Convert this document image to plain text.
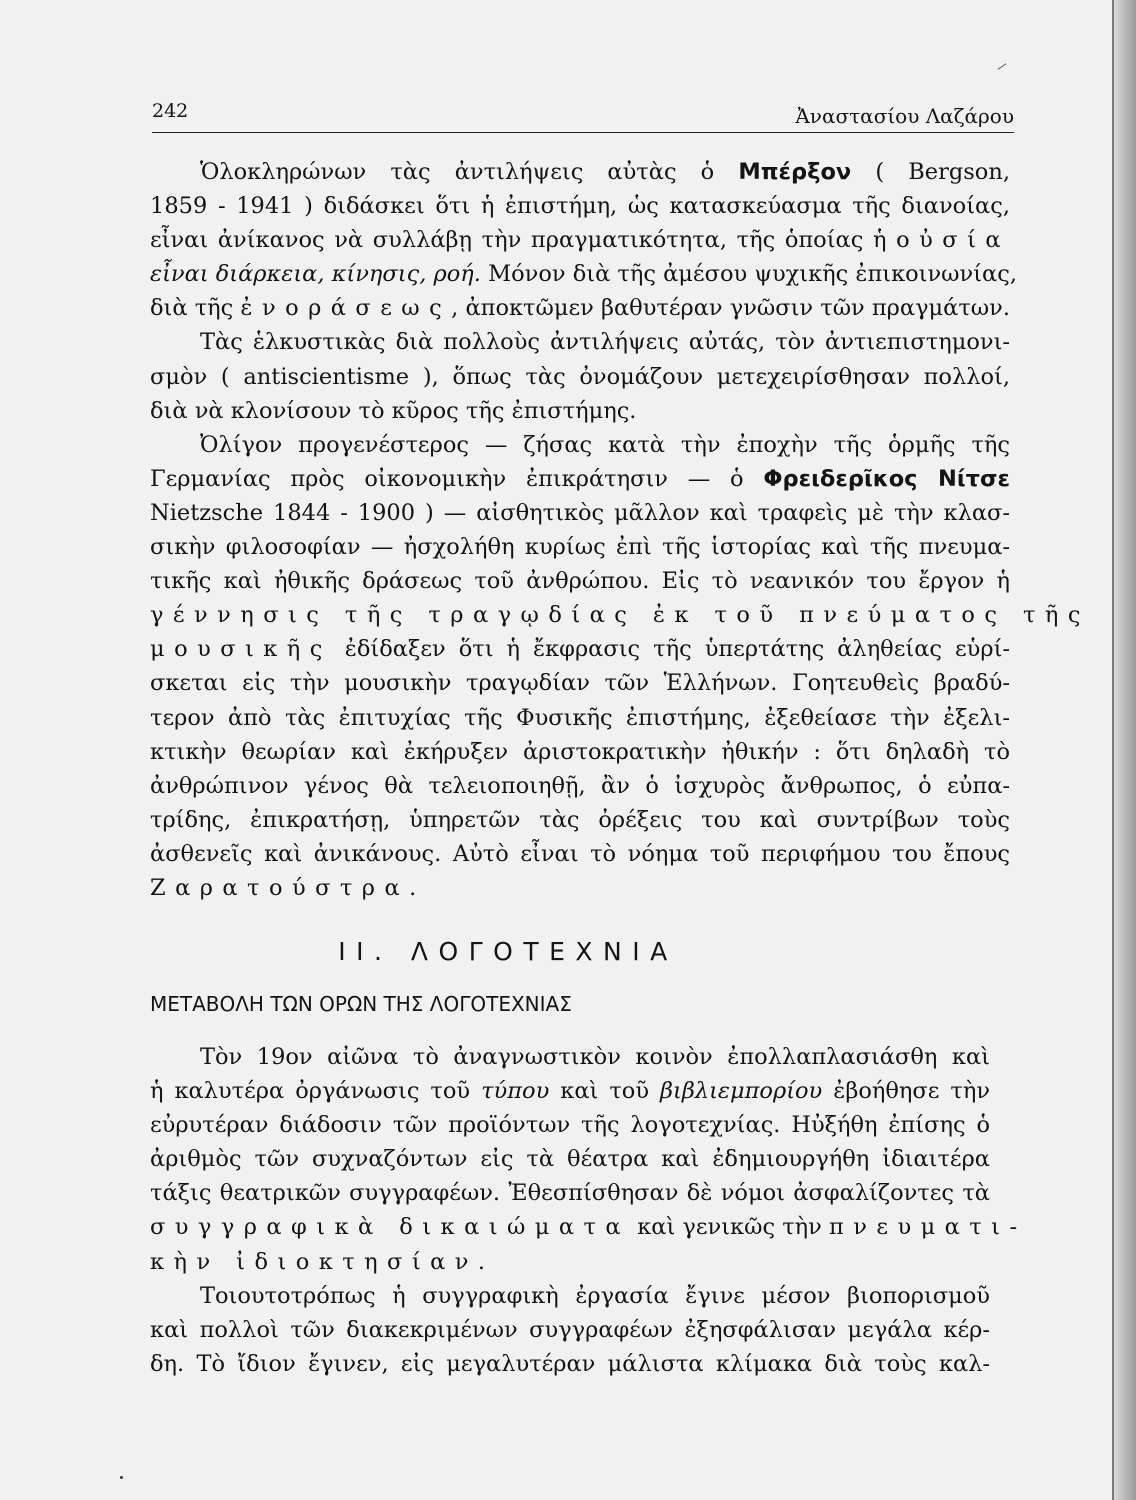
242	Ἀναστασίου Λαζάρου
Ὁλοκληρώνων τὰς ἀντιλήψεις αὐτὰς ὁ Μπέρξον ( Bergson,
1859 - 1941 ) διδάσκει ὅτι ἡ ἐπιστήμη, ὡς κατασκεύασμα τῆς διανοίας,
εἶναι ἀνίκανος νὰ συλλάβῃ τὴν πραγματικότητα, τῆς ὁποίας ἡ οὐσία
εἶναι διάρκεια, κίνησις, ροή. Μόνον διὰ τῆς ἀμέσου ψυχικῆς ἐπικοινωνίας,
διὰ τῆς ἐνοράσεως, ἀποκτῶμεν βαθυτέραν γνῶσιν τῶν πραγμάτων.
Τὰς ἑλκυστικὰς διὰ πολλοὺς ἀντιλήψεις αὐτάς, τὸν ἀντιεπιστημονι-
σμὸν ( antiscientisme ), ὅπως τὰς ὀνομάζουν μετεχειρίσθησαν πολλοί,
διὰ νὰ κλονίσουν τὸ κῦρος τῆς ἐπιστήμης.
Ὀλίγον προγενέστερος — ζήσας κατὰ τὴν ἐποχὴν τῆς ὁρμῆς τῆς
Γερμανίας πρὸς οἰκονομικὴν ἐπικράτησιν — ὁ Φρειδερῖκος Νίτσε
Nietzsche 1844 - 1900 ) — αἰσθητικὸς μᾶλλον καὶ τραφεὶς μὲ τὴν κλασ-
σικὴν φιλοσοφίαν — ἠσχολήθη κυρίως ἐπὶ τῆς ἱστορίας καὶ τῆς πνευμα-
τικῆς καὶ ἠθικῆς δράσεως τοῦ ἀνθρώπου. Εἰς τὸ νεανικόν του ἔργον ἡ
γέννησις τῆς τραγῳδίας ἐκ τοῦ πνεύματος τῆς
μουσικῆς ἐδίδαξεν ὅτι ἡ ἔκφρασις τῆς ὑπερτάτης ἀληθείας εὑρί-
σκεται εἰς τὴν μουσικὴν τραγῳδίαν τῶν Ἑλλήνων. Γοητευθεὶς βραδύ-
τερον ἀπὸ τὰς ἐπιτυχίας τῆς Φυσικῆς ἐπιστήμης, ἐξεθείασε τὴν ἐξελι-
κτικὴν θεωρίαν καὶ ἐκήρυξεν ἀριστοκρατικὴν ἠθικήν : ὅτι δηλαδὴ τὸ
ἀνθρώπινον γένος θὰ τελειοποιηθῇ, ἂν ὁ ἰσχυρὸς ἄνθρωπος, ὁ εὐπα-
τρίδης, ἐπικρατήσῃ, ὑπηρετῶν τὰς ὀρέξεις του καὶ συντρίβων τοὺς
ἀσθενεῖς καὶ ἀνικάνους. Αὐτὸ εἶναι τὸ νόημα τοῦ περιφήμου του ἔπους
Ζαρατούστρα.
II. ΛΟΓΟΤΕΧΝΙΑ
ΜΕΤΑΒΟΛΗ ΤΩΝ ΟΡΩΝ ΤΗΣ ΛΟΓΟΤΕΧΝΙΑΣ
Τὸν 19ον αἰῶνα τὸ ἀναγνωστικὸν κοινὸν ἐπολλαπλασιάσθη καὶ
ἡ καλυτέρα ὀργάνωσις τοῦ τύπου καὶ τοῦ βιβλιεμπορίου ἐβοήθησε τὴν
εὐρυτέραν διάδοσιν τῶν προϊόντων τῆς λογοτεχνίας. Ηὐξήθη ἐπίσης ὁ
ἀριθμὸς τῶν συχναζόντων εἰς τὰ θέατρα καὶ ἐδημιουργήθη ἰδιαιτέρα
τάξις θεατρικῶν συγγραφέων. Ἐθεσπίσθησαν δὲ νόμοι ἀσφαλίζοντες τὰ
συγγραφικὰ δικαιώματα καὶ γενικῶς τὴν πνευματι-
κὴν ἰδιοκτησίαν.
Τοιουτοτρόπως ἡ συγγραφικὴ ἐργασία ἔγινε μέσον βιοπορισμοῦ
καὶ πολλοὶ τῶν διακεκριμένων συγγραφέων ἐξησφάλισαν μεγάλα κέρ-
δη. Τὸ ἴδιον ἔγινεν, εἰς μεγαλυτέραν μάλιστα κλίμακα διὰ τοὺς καλ-
